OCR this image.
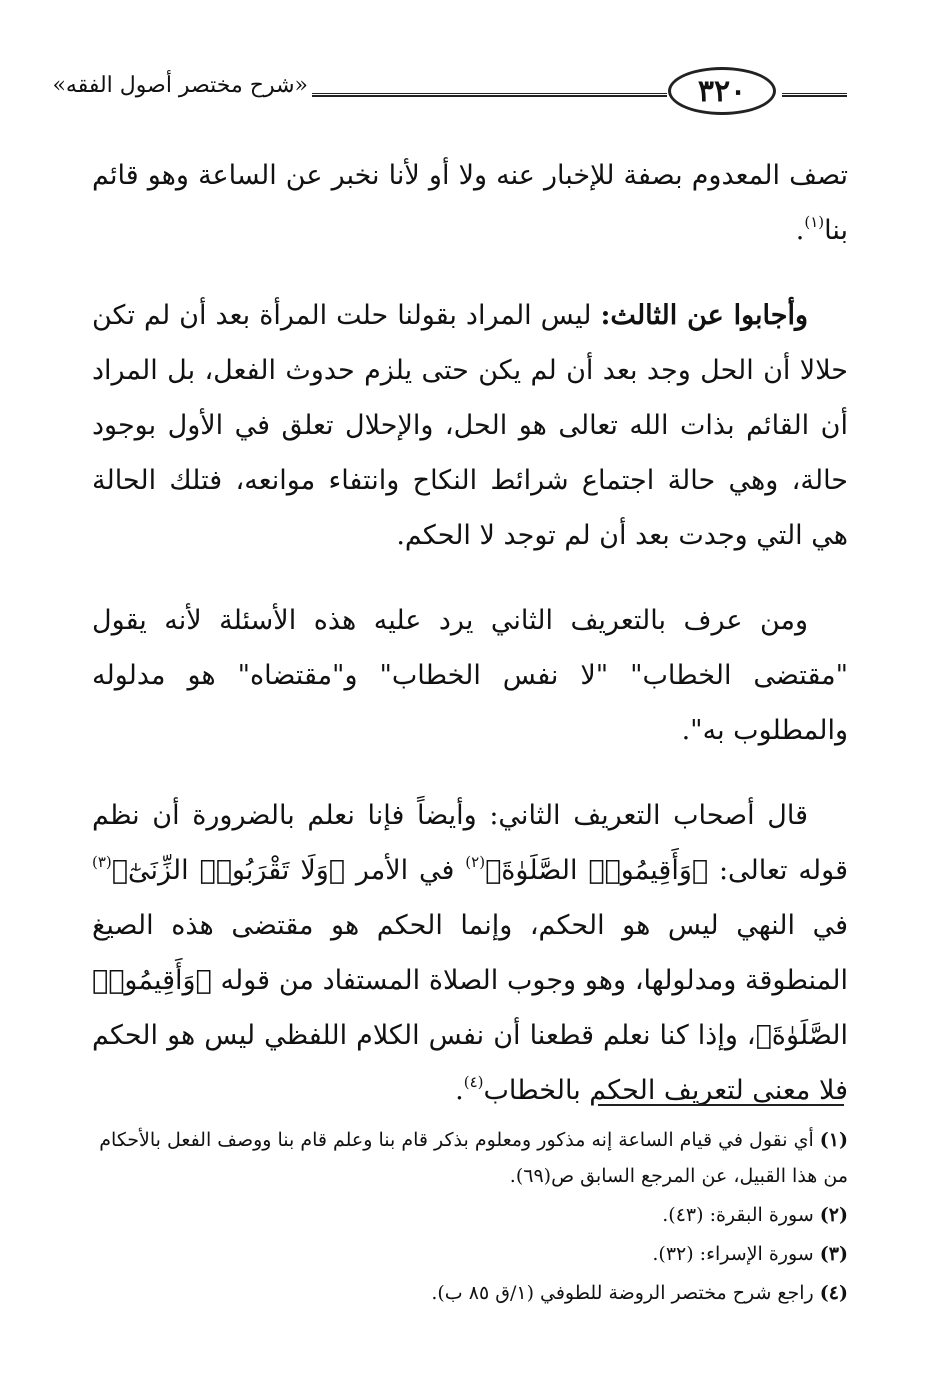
٣٢٠
«شرح مختصر أصول الفقه»

تصف المعدوم بصفة للإخبار عنه ولا أو لأنا نخبر عن الساعة وهو قائم بنا$^{(١)}$.

وأجابوا عن الثالث: ليس المراد بقولنا حلت المرأة بعد أن لم تكن حلالا أن الحل وجد بعد أن لم يكن حتى يلزم حدوث الفعل، بل المراد أن القائم بذات الله تعالى هو الحل، والإحلال تعلق في الأول بوجود حالة، وهي حالة اجتماع شرائط النكاح وانتفاء موانعه، فتلك الحالة هي التي وجدت بعد أن لم توجد لا الحكم.

ومن عرف بالتعريف الثاني يرد عليه هذه الأسئلة لأنه يقول "مقتضى الخطاب" "لا نفس الخطاب" و"مقتضاه" هو مدلوله والمطلوب به".

قال أصحاب التعريف الثاني: وأيضاً فإنا نعلم بالضرورة أن نظم قوله تعالى: ﴿وَأَقِيمُوا۟ الصَّلَوٰةَ﴾$^{(٢)}$ في الأمر ﴿وَلَا تَقْرَبُوا۟ الزِّنَىٰٓ﴾$^{(٣)}$ في النهي ليس هو الحكم، وإنما الحكم هو مقتضى هذه الصيغ المنطوقة ومدلولها، وهو وجوب الصلاة المستفاد من قوله ﴿وَأَقِيمُوا۟ الصَّلَوٰةَ﴾، وإذا كنا نعلم قطعنا أن نفس الكلام اللفظي ليس هو الحكم فلا معنى لتعريف الحكم بالخطاب$^{(٤)}$.

(١) أي نقول في قيام الساعة إنه مذكور ومعلوم بذكر قام بنا وعلم قام بنا ووصف الفعل بالأحكام من هذا القبيل، عن المرجع السابق ص(٦٩).
(٢) سورة البقرة: (٤٣).
(٣) سورة الإسراء: (٣٢).
(٤) راجع شرح مختصر الروضة للطوفي (١/ق ٨٥ ب).
